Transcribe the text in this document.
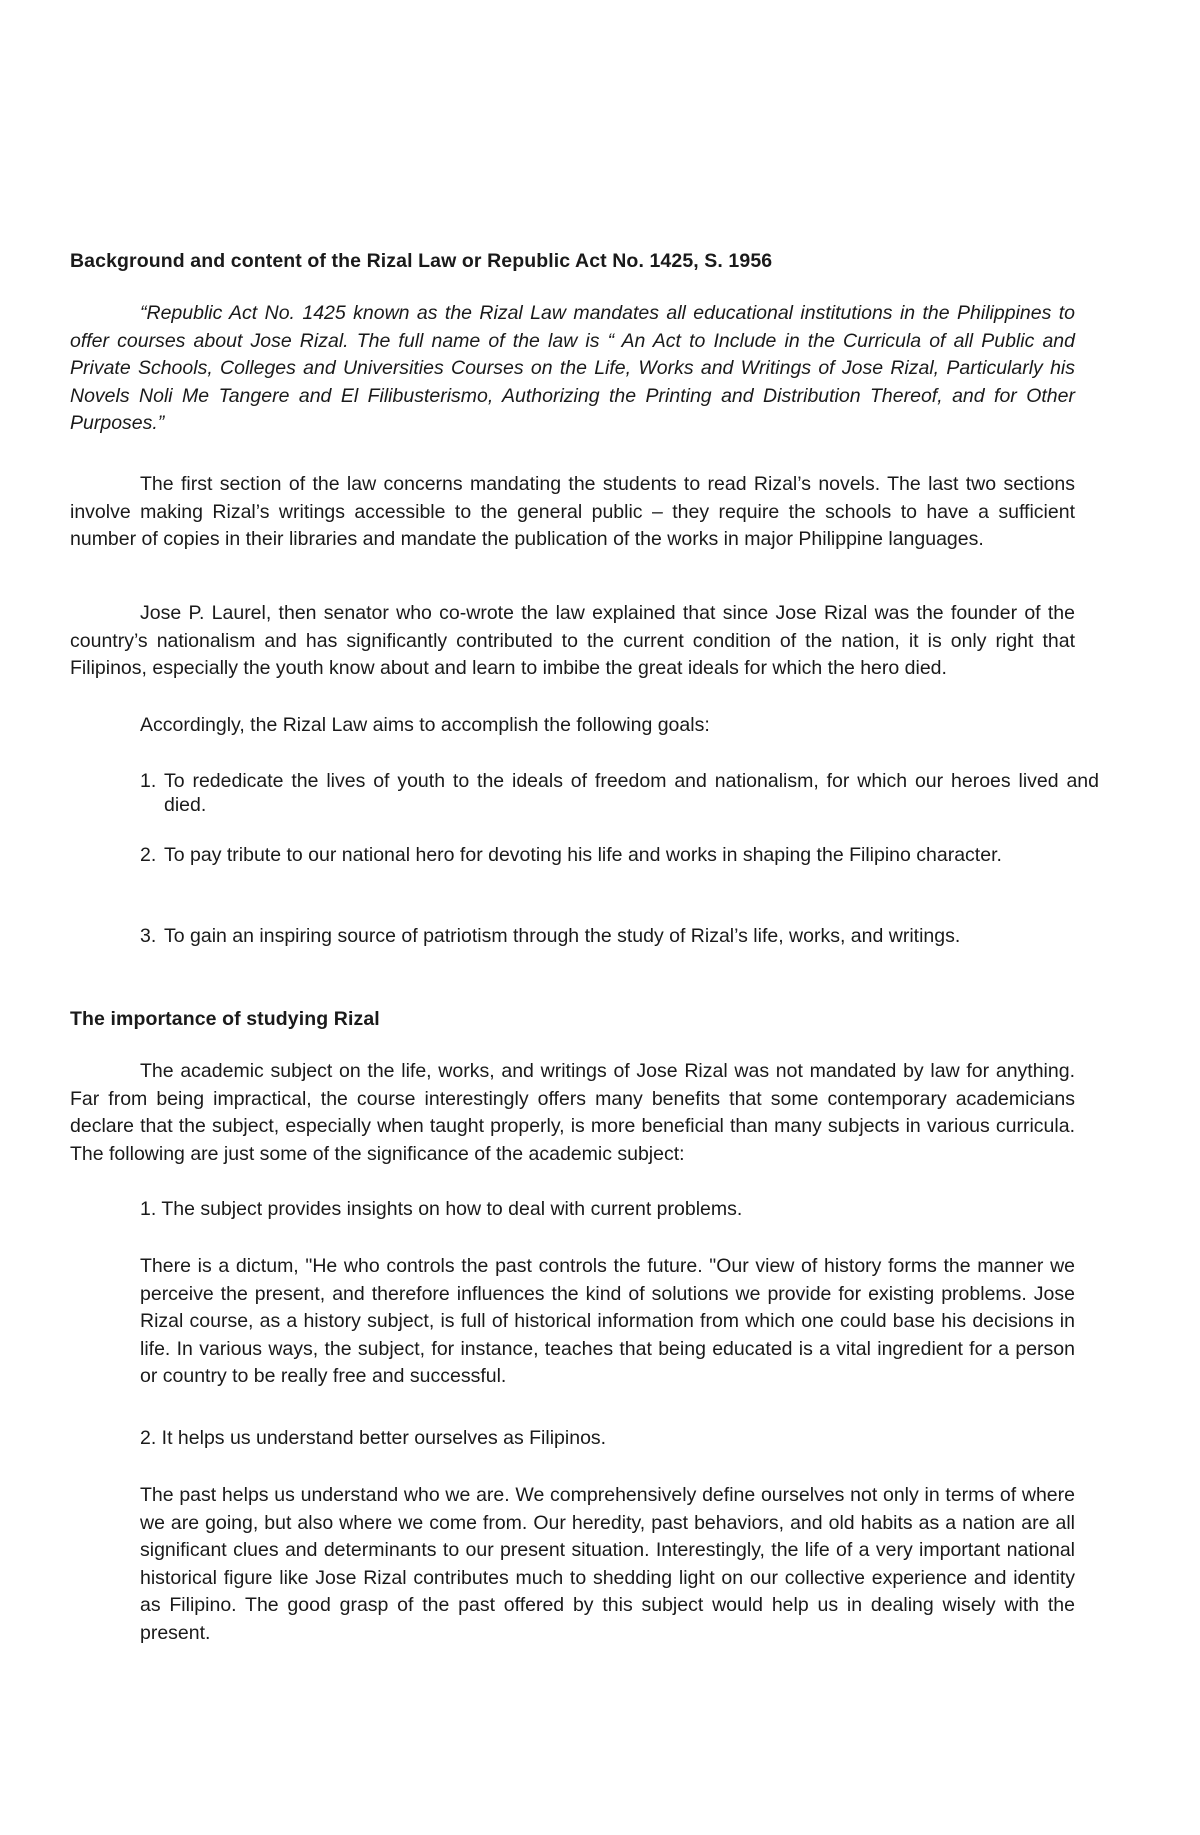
Background and content of the Rizal Law or Republic Act No. 1425, S. 1956

“Republic Act No. 1425 known as the Rizal Law mandates all educational institutions in the Philippines to offer courses about Jose Rizal. The full name of the law is “ An Act to Include in the Curricula of all Public and Private Schools, Colleges and Universities Courses on the Life, Works and Writings of Jose Rizal, Particularly his Novels Noli Me Tangere and El Filibusterismo, Authorizing the Printing and Distribution Thereof, and for Other Purposes.”

The first section of the law concerns mandating the students to read Rizal’s novels. The last two sections involve making Rizal’s writings accessible to the general public – they require the schools to have a sufficient number of copies in their libraries and mandate the publication of the works in major Philippine languages.

Jose P. Laurel, then senator who co-wrote the law explained that since Jose Rizal was the founder of the country’s nationalism and has significantly contributed to the current condition of the nation, it is only right that Filipinos, especially the youth know about and learn to imbibe the great ideals for which the hero died.

Accordingly, the Rizal Law aims to accomplish the following goals:

1. To rededicate the lives of youth to the ideals of freedom and nationalism, for which our heroes lived and died.

2. To pay tribute to our national hero for devoting his life and works in shaping the Filipino character.

3. To gain an inspiring source of patriotism through the study of Rizal’s life, works, and writings.

The importance of studying Rizal

The academic subject on the life, works, and writings of Jose Rizal was not mandated by law for anything. Far from being impractical, the course interestingly offers many benefits that some contemporary academicians declare that the subject, especially when taught properly, is more beneficial than many subjects in various curricula. The following are just some of the significance of the academic subject:

1. The subject provides insights on how to deal with current problems.

There is a dictum, "He who controls the past controls the future. "Our view of history forms the manner we perceive the present, and therefore influences the kind of solutions we provide for existing problems. Jose Rizal course, as a history subject, is full of historical information from which one could base his decisions in life. In various ways, the subject, for instance, teaches that being educated is a vital ingredient for a person or country to be really free and successful.

2. It helps us understand better ourselves as Filipinos.

The past helps us understand who we are. We comprehensively define ourselves not only in terms of where we are going, but also where we come from. Our heredity, past behaviors, and old habits as a nation are all significant clues and determinants to our present situation. Interestingly, the life of a very important national historical figure like Jose Rizal contributes much to shedding light on our collective experience and identity as Filipino. The good grasp of the past offered by this subject would help us in dealing wisely with the present.
